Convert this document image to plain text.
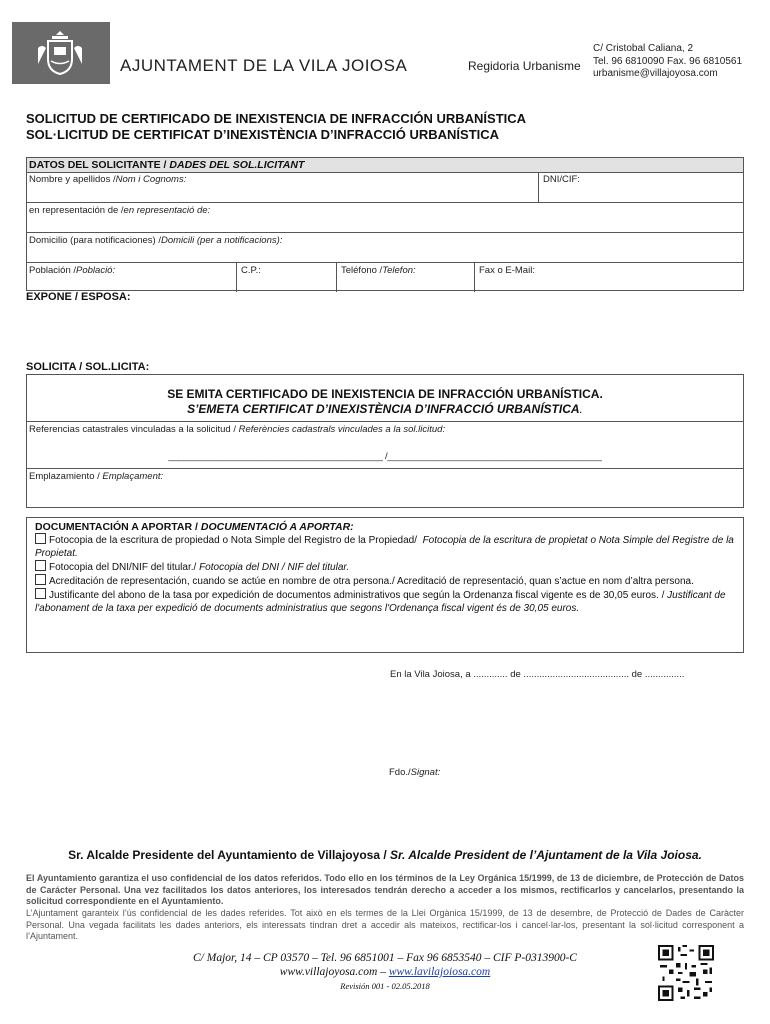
AJUNTAMENT DE LA VILA JOIOSA	Regidoria Urbanisme
C/ Cristobal Caliana, 2
Tel. 96 6810090 Fax. 96 6810561
urbanisme@villajoyosa.com
SOLICITUD DE CERTIFICADO DE INEXISTENCIA DE INFRACCIÓN URBANÍSTICA
SOL·LICITUD DE CERTIFICAT D’INEXISTÈNCIA D’INFRACCIÓ URBANÍSTICA
DATOS DEL SOLICITANTE / DADES DEL SOL.LICITANT
Nombre y apellidos /Nom i Cognoms:	DNI/CIF:
en representación de /en representació de:
Domicilio (para notificaciones) /Domicili (per a notificacions):
Población /Població:	C.P.:	Teléfono /Telefon:	Fax o E-Mail:
EXPONE / ESPOSA:
SOLICITA / SOL.LICITA:
SE EMITA CERTIFICADO DE INEXISTENCIA DE INFRACCIÓN URBANÍSTICA.
S’EMETA CERTIFICAT D’INEXISTÈNCIA D’INFRACCIÓ URBANÍSTICA.
Referencias catastrales vinculadas a la solicitud / Referències cadastrals vinculades a la sol.licitud:
___________________________________________ /___________________________________________
Emplazamiento / Emplaçament:
DOCUMENTACIÓN A APORTAR / DOCUMENTACIÓ A APORTAR:
Fotocopia de la escritura de propiedad o Nota Simple del Registro de la Propiedad/ Fotocopia de la escritura de propietat o Nota Simple del Registre de la Propietat.
Fotocopia del DNI/NIF del titular./ Fotocopia del DNI / NIF del titular.
Acreditación de representación, cuando se actúe en nombre de otra persona./ Acreditació de representació, quan s’actue en nom d’altra persona.
Justificante del abono de la tasa por expedición de documentos administrativos que según la Ordenanza fiscal vigente es de 30,05 euros. / Justificant de l'abonament de la taxa per expedició de documents administratius que segons l'Ordenança fiscal vigent és de 30,05 euros.
En la Vila Joiosa, a ............. de ........................................ de ...............
Fdo./Signat:
Sr. Alcalde Presidente del Ayuntamiento de Villajoyosa / Sr. Alcalde President de l’Ajuntament de la Vila Joiosa.
El Ayuntamiento garantiza el uso confidencial de los datos referidos. Todo ello en los términos de la Ley Orgánica 15/1999, de 13 de diciembre, de Protección de Datos de Carácter Personal. Una vez facilitados los datos anteriores, los interesados tendrán derecho a acceder a los mismos, rectificarlos y cancelarlos, presentando la solicitud correspondiente en el Ayuntamiento.
L’Ajuntament garanteix l’ús confidencial de les dades referides. Tot això en els termes de la Llei Orgànica 15/1999, de 13 de desembre, de Protecció de Dades de Caràcter Personal. Una vegada facilitats les dades anteriors, els interessats tindran dret a accedir als mateixos, rectificar-los i cancel·lar-los, presentant la sol·licitud corresponent a l’Ajuntament.
C/ Major, 14 – CP 03570 – Tel. 96 6851001 – Fax 96 6853540 – CIF P-0313900-C
www.villajoyosa.com – www.lavilajoiosa.com
Revisión 001 - 02.05.2018
